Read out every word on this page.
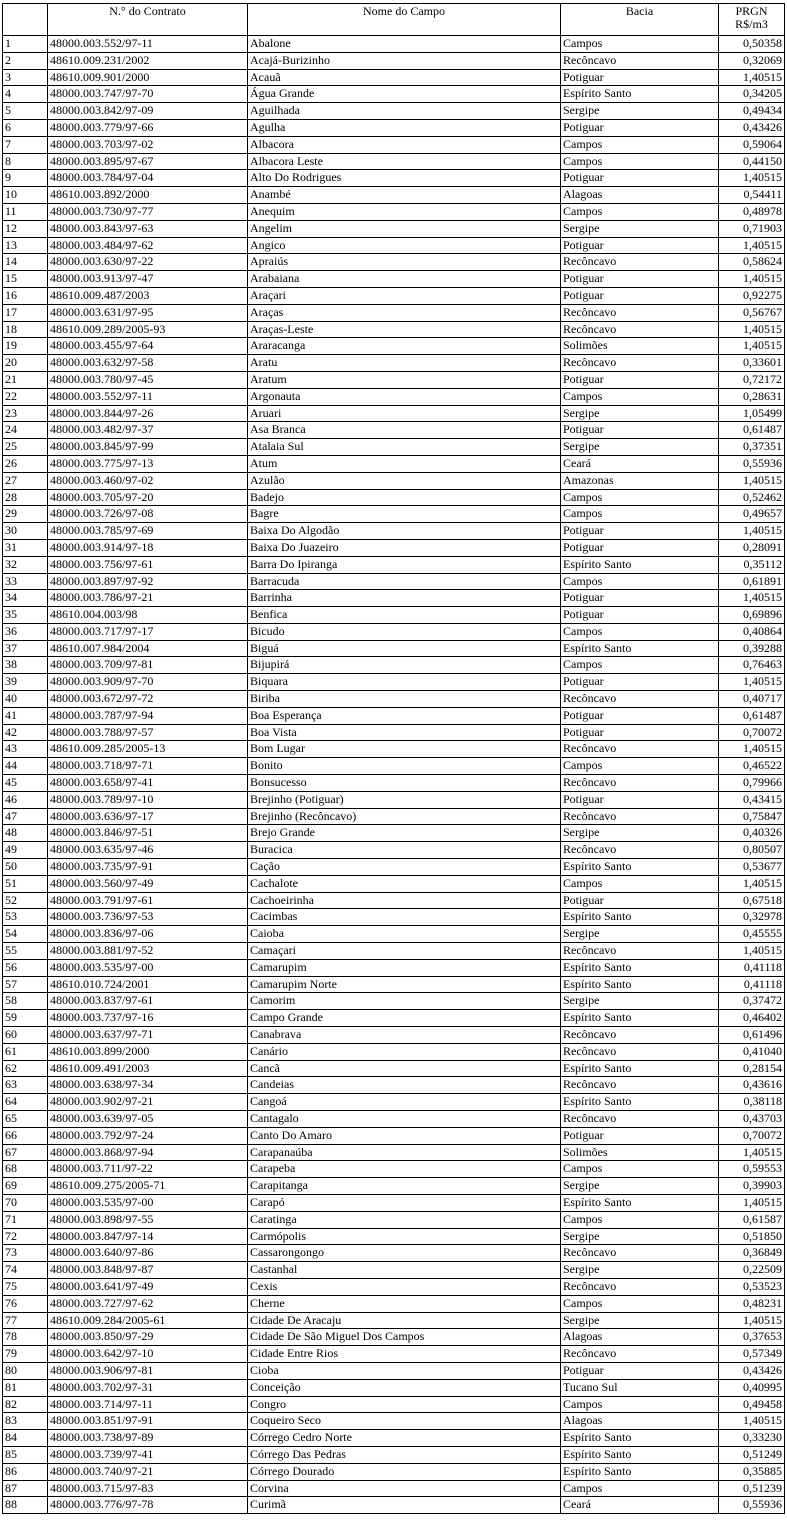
	N.° do Contrato	Nome do Campo	Bacia	PRGN
R$/m3
1	48000.003.552/97-11	Abalone	Campos	0,50358
2	48610.009.231/2002	Acajá-Burizinho	Recôncavo	0,32069
3	48610.009.901/2000	Acauã	Potiguar	1,40515
4	48000.003.747/97-70	Água Grande	Espírito Santo	0,34205
5	48000.003.842/97-09	Aguilhada	Sergipe	0,49434
6	48000.003.779/97-66	Agulha	Potiguar	0,43426
7	48000.003.703/97-02	Albacora	Campos	0,59064
8	48000.003.895/97-67	Albacora Leste	Campos	0,44150
9	48000.003.784/97-04	Alto Do Rodrigues	Potiguar	1,40515
10	48610.003.892/2000	Anambé	Alagoas	0,54411
11	48000.003.730/97-77	Anequim	Campos	0,48978
12	48000.003.843/97-63	Angelim	Sergipe	0,71903
13	48000.003.484/97-62	Angico	Potiguar	1,40515
14	48000.003.630/97-22	Apraiús	Recôncavo	0,58624
15	48000.003.913/97-47	Arabaiana	Potiguar	1,40515
16	48610.009.487/2003	Araçari	Potiguar	0,92275
17	48000.003.631/97-95	Araças	Recôncavo	0,56767
18	48610.009.289/2005-93	Araças-Leste	Recôncavo	1,40515
19	48000.003.455/97-64	Araracanga	Solimões	1,40515
20	48000.003.632/97-58	Aratu	Recôncavo	0,33601
21	48000.003.780/97-45	Aratum	Potiguar	0,72172
22	48000.003.552/97-11	Argonauta	Campos	0,28631
23	48000.003.844/97-26	Aruari	Sergipe	1,05499
24	48000.003.482/97-37	Asa Branca	Potiguar	0,61487
25	48000.003.845/97-99	Atalaia Sul	Sergipe	0,37351
26	48000.003.775/97-13	Atum	Ceará	0,55936
27	48000.003.460/97-02	Azulão	Amazonas	1,40515
28	48000.003.705/97-20	Badejo	Campos	0,52462
29	48000.003.726/97-08	Bagre	Campos	0,49657
30	48000.003.785/97-69	Baixa Do Algodão	Potiguar	1,40515
31	48000.003.914/97-18	Baixa Do Juazeiro	Potiguar	0,28091
32	48000.003.756/97-61	Barra Do Ipiranga	Espírito Santo	0,35112
33	48000.003.897/97-92	Barracuda	Campos	0,61891
34	48000.003.786/97-21	Barrinha	Potiguar	1,40515
35	48610.004.003/98	Benfica	Potiguar	0,69896
36	48000.003.717/97-17	Bicudo	Campos	0,40864
37	48610.007.984/2004	Biguá	Espírito Santo	0,39288
38	48000.003.709/97-81	Bijupirá	Campos	0,76463
39	48000.003.909/97-70	Biquara	Potiguar	1,40515
40	48000.003.672/97-72	Biriba	Recôncavo	0,40717
41	48000.003.787/97-94	Boa Esperança	Potiguar	0,61487
42	48000.003.788/97-57	Boa Vista	Potiguar	0,70072
43	48610.009.285/2005-13	Bom Lugar	Recôncavo	1,40515
44	48000.003.718/97-71	Bonito	Campos	0,46522
45	48000.003.658/97-41	Bonsucesso	Recôncavo	0,79966
46	48000.003.789/97-10	Brejinho (Potiguar)	Potiguar	0,43415
47	48000.003.636/97-17	Brejinho (Recôncavo)	Recôncavo	0,75847
48	48000.003.846/97-51	Brejo Grande	Sergipe	0,40326
49	48000.003.635/97-46	Buracica	Recôncavo	0,80507
50	48000.003.735/97-91	Cação	Espírito Santo	0,53677
51	48000.003.560/97-49	Cachalote	Campos	1,40515
52	48000.003.791/97-61	Cachoeirinha	Potiguar	0,67518
53	48000.003.736/97-53	Cacimbas	Espírito Santo	0,32978
54	48000.003.836/97-06	Caioba	Sergipe	0,45555
55	48000.003.881/97-52	Camaçari	Recôncavo	1,40515
56	48000.003.535/97-00	Camarupim	Espírito Santo	0,41118
57	48610.010.724/2001	Camarupim Norte	Espírito Santo	0,41118
58	48000.003.837/97-61	Camorim	Sergipe	0,37472
59	48000.003.737/97-16	Campo Grande	Espírito Santo	0,46402
60	48000.003.637/97-71	Canabrava	Recôncavo	0,61496
61	48610.003.899/2000	Canário	Recôncavo	0,41040
62	48610.009.491/2003	Cancã	Espírito Santo	0,28154
63	48000.003.638/97-34	Candeias	Recôncavo	0,43616
64	48000.003.902/97-21	Cangoá	Espírito Santo	0,38118
65	48000.003.639/97-05	Cantagalo	Recôncavo	0,43703
66	48000.003.792/97-24	Canto Do Amaro	Potiguar	0,70072
67	48000.003.868/97-94	Carapanaúba	Solimões	1,40515
68	48000.003.711/97-22	Carapeba	Campos	0,59553
69	48610.009.275/2005-71	Carapitanga	Sergipe	0,39903
70	48000.003.535/97-00	Carapó	Espírito Santo	1,40515
71	48000.003.898/97-55	Caratinga	Campos	0,61587
72	48000.003.847/97-14	Carmópolis	Sergipe	0,51850
73	48000.003.640/97-86	Cassarongongo	Recôncavo	0,36849
74	48000.003.848/97-87	Castanhal	Sergipe	0,22509
75	48000.003.641/97-49	Cexis	Recôncavo	0,53523
76	48000.003.727/97-62	Cherne	Campos	0,48231
77	48610.009.284/2005-61	Cidade De Aracaju	Sergipe	1,40515
78	48000.003.850/97-29	Cidade De São Miguel Dos Campos	Alagoas	0,37653
79	48000.003.642/97-10	Cidade Entre Rios	Recôncavo	0,57349
80	48000.003.906/97-81	Cioba	Potiguar	0,43426
81	48000.003.702/97-31	Conceição	Tucano Sul	0,40995
82	48000.003.714/97-11	Congro	Campos	0,49458
83	48000.003.851/97-91	Coqueiro Seco	Alagoas	1,40515
84	48000.003.738/97-89	Córrego Cedro Norte	Espírito Santo	0,33230
85	48000.003.739/97-41	Córrego Das Pedras	Espírito Santo	0,51249
86	48000.003.740/97-21	Córrego Dourado	Espírito Santo	0,35885
87	48000.003.715/97-83	Corvina	Campos	0,51239
88	48000.003.776/97-78	Curimã	Ceará	0,55936
